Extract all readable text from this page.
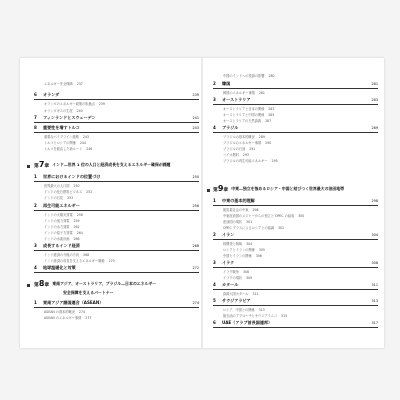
エネルギー安全保障 237
6	オランダ	239
オランダのエネルギー政策の転換点 239
オランダガスの生産 240
7	フィンランドとスウェーデン	241
8	重要性を増すトルコ	243
重要なパイプライン経路 243
トルコとロシアの関係 244
トルコを経由した新ルート 246
第7章 インド―世界 1 位の人口と経済成長を支えるエネルギー確保が課題
1	世界におけるインドの位置づけ	250
世界最大の人口国 250
インドの化石燃料ビジネス 252
インドの石炭 253
2	再生可能エネルギー	256
インドの太陽光発電 256
インドの風力発電 259
インドの水力発電 262
インドの原子力発電 264
インドの水素計画 266
3	成長するインド経済	268
インド経済の今後の方向 268
インド経済の成長を支えるエネルギー戦略 270
4	地球温暖化と対策	272
第8章 東南アジア、オーストラリア、ブラジル―日本のエネルギー
安全保障を支えるパートナー
1	東南アジア諸国連合（ASEAN）	274
ASEAN の基本的概況 274
ASEAN のエネルギー事情 277
中国のインドへの投資の影響 280
2	韓国	281
韓国のエネルギー事情 281
3	オーストラリア	283
オーストラリアと日本の関係 283
オーストラリアと中国の関係 285
オーストラリアの天然資源 287
4	ブラジル	289
ブラジルの基本的概況 289
ブラジルのエネルギー事情 290
ブラジルの石油 291
バイオ燃料 293
ブラジルの再生可能エネルギー 295
第9章 中東―独立を強めるロシア・中国と結びつく世界最大の油田地帯
1	中東の基本的理解	298
脱炭素社会の中東 298
中東産油国のメジャーからの独立と OPEC の結成 300
産油国の現状 301
OPEC プラスによるロシアとの協調 302
2	イラン	304
核開発と制裁 304
ロシアとイランの関係 305
中国とイランの関係 306
3	イラク	308
イラク戦争 308
イラクの現状 309
4	カタール	311
資源大国カタール 311
5	サウジアラビア	313
ロシア、中国との関係 313
脱石油のアプローチとサウジアラムコ 315
6	UAE（アラブ首長国連邦）	317
